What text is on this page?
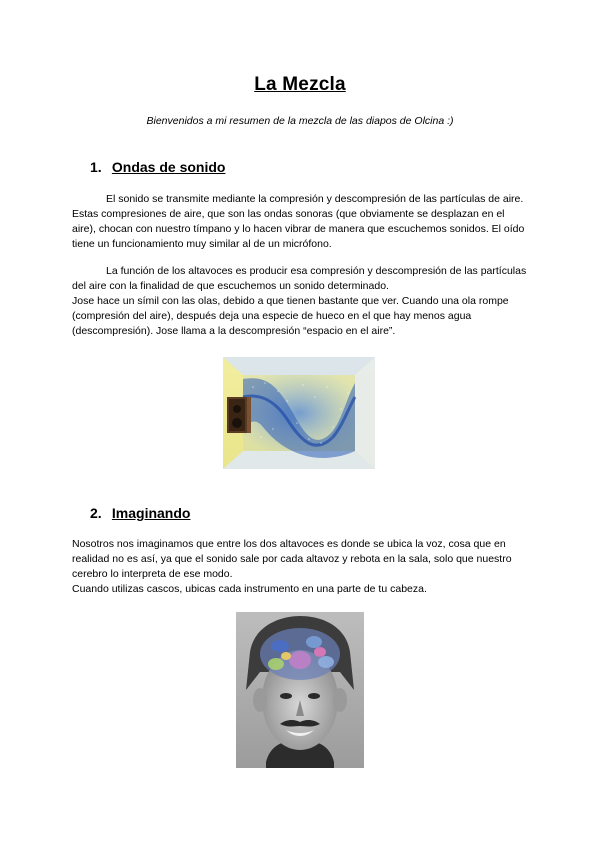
La Mezcla
Bienvenidos a mi resumen de la mezcla de las diapos de Olcina :)
1. Ondas de sonido

El sonido se transmite mediante la compresión y descompresión de las partículas de aire. Estas compresiones de aire, que son las ondas sonoras (que obviamente se desplazan en el aire), chocan con nuestro tímpano y lo hacen vibrar de manera que escuchemos sonidos. El oído tiene un funcionamiento muy similar al de un micrófono.

La función de los altavoces es producir esa compresión y descompresión de las partículas del aire con la finalidad de que escuchemos un sonido determinado.
Jose hace un símil con las olas, debido a que tienen bastante que ver. Cuando una ola rompe (compresión del aire), después deja una especie de hueco en el que hay menos agua (descompresión). Jose llama a la descompresión “espacio en el aire”.

2. Imaginando

Nosotros nos imaginamos que entre los dos altavoces es donde se ubica la voz, cosa que en realidad no es así, ya que el sonido sale por cada altavoz y rebota en la sala, solo que nuestro cerebro lo interpreta de ese modo.

Cuando utilizas cascos, ubicas cada instrumento en una parte de tu cabeza.
